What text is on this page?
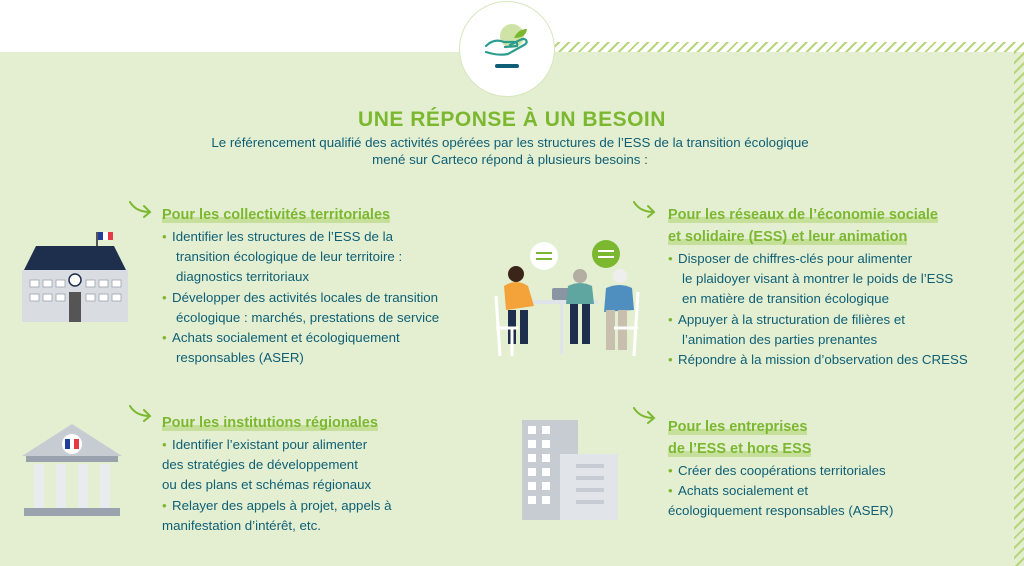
UNE RÉPONSE À UN BESOIN
Le référencement qualifié des activités opérées par les structures de l’ESS de la transition écologique
mené sur Carteco répond à plusieurs besoins :
Pour les collectivités territoriales
• Identifier les structures de l’ESS de la
transition écologique de leur territoire :
diagnostics territoriaux
• Développer des activités locales de transition
écologique : marchés, prestations de service
• Achats socialement et écologiquement
responsables (ASER)
Pour les institutions régionales
• Identifier l’existant pour alimenter
des stratégies de développement
ou des plans et schémas régionaux
• Relayer des appels à projet, appels à
manifestation d’intérêt, etc.
Pour les réseaux de l’économie sociale
et solidaire (ESS) et leur animation
• Disposer de chiffres-clés pour alimenter
le plaidoyer visant à montrer le poids de l’ESS
en matière de transition écologique
• Appuyer à la structuration de filières et
l’animation des parties prenantes
• Répondre à la mission d’observation des CRESS
Pour les entreprises
de l’ESS et hors ESS
• Créer des coopérations territoriales
• Achats socialement et
écologiquement responsables (ASER)
